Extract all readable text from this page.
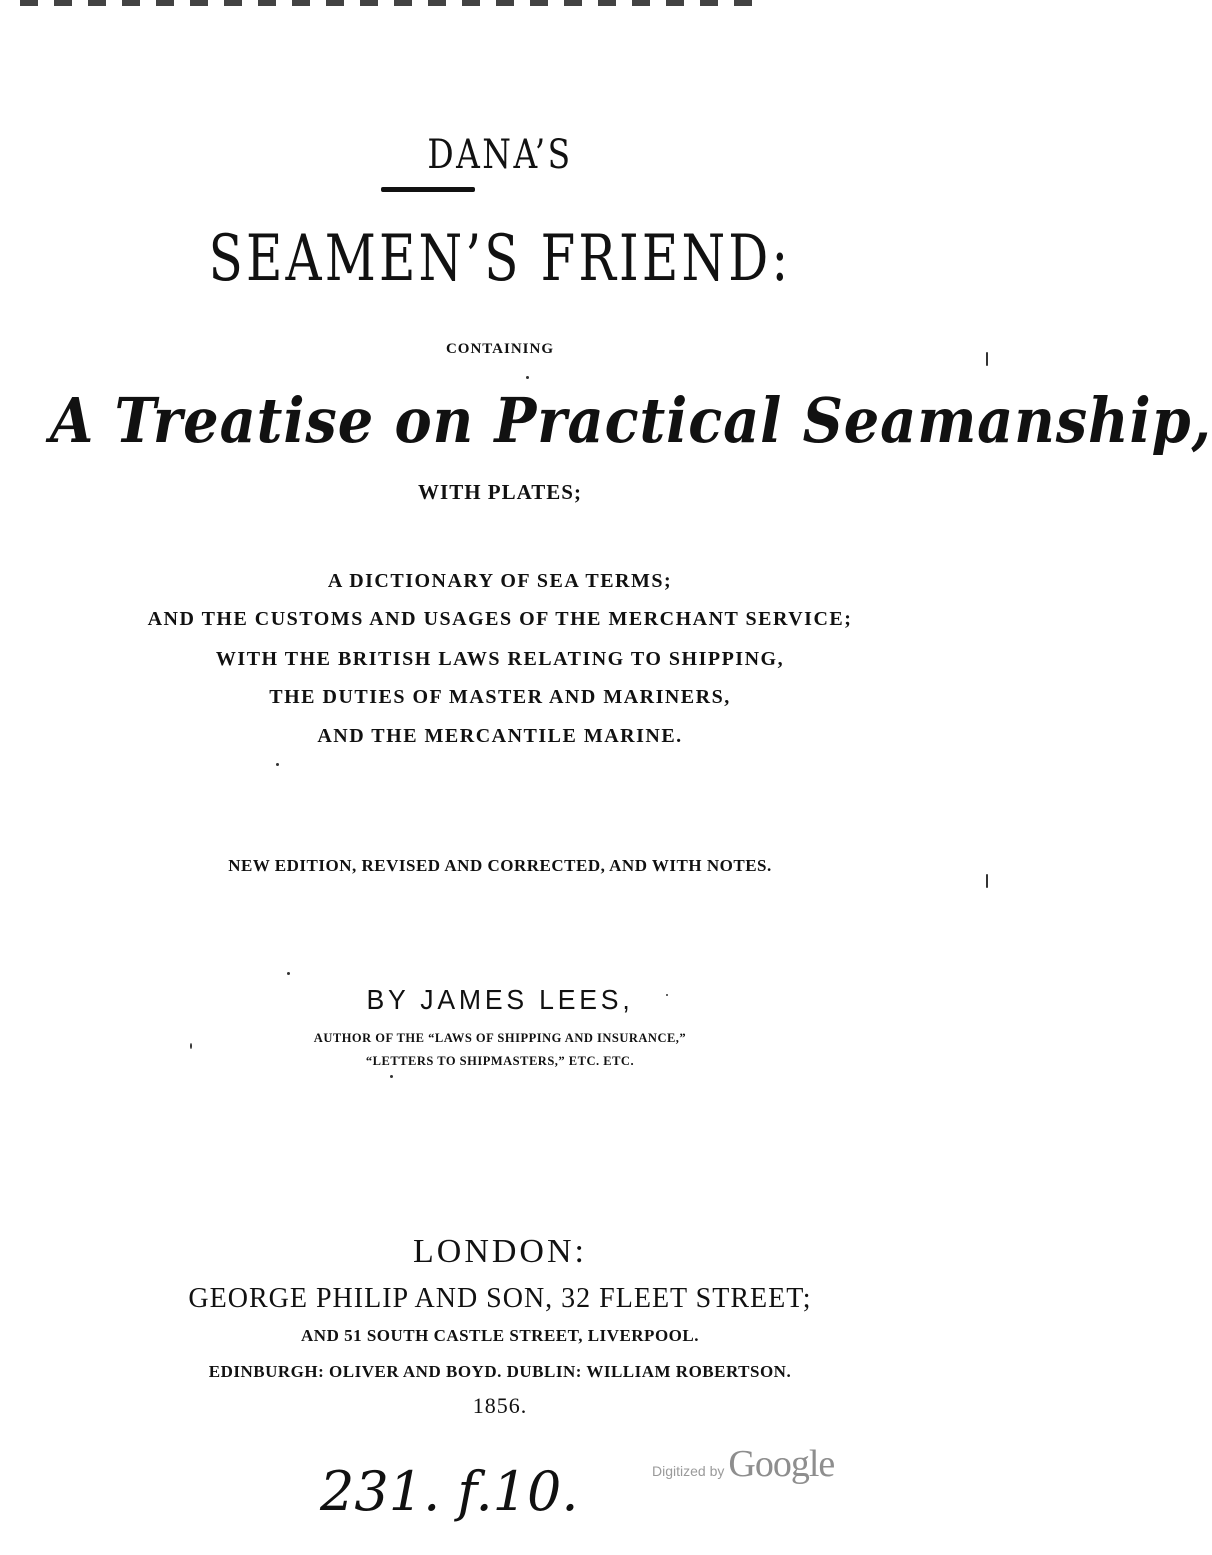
DANA’S
SEAMEN’S FRIEND:
CONTAINING
A Treatise on Practical Seamanship,
WITH PLATES;
A DICTIONARY OF SEA TERMS;
AND THE CUSTOMS AND USAGES OF THE MERCHANT SERVICE;
WITH THE BRITISH LAWS RELATING TO SHIPPING,
THE DUTIES OF MASTER AND MARINERS,
AND THE MERCANTILE MARINE.
NEW EDITION, REVISED AND CORRECTED, AND WITH NOTES.
BY JAMES LEES,
AUTHOR OF THE “LAWS OF SHIPPING AND INSURANCE,”
“LETTERS TO SHIPMASTERS,” ETC. ETC.
LONDON:
GEORGE PHILIP AND SON, 32 FLEET STREET;
AND 51 SOUTH CASTLE STREET, LIVERPOOL.
EDINBURGH: OLIVER AND BOYD. DUBLIN: WILLIAM ROBERTSON.
1856.
Digitized by Google
231. f.10.
